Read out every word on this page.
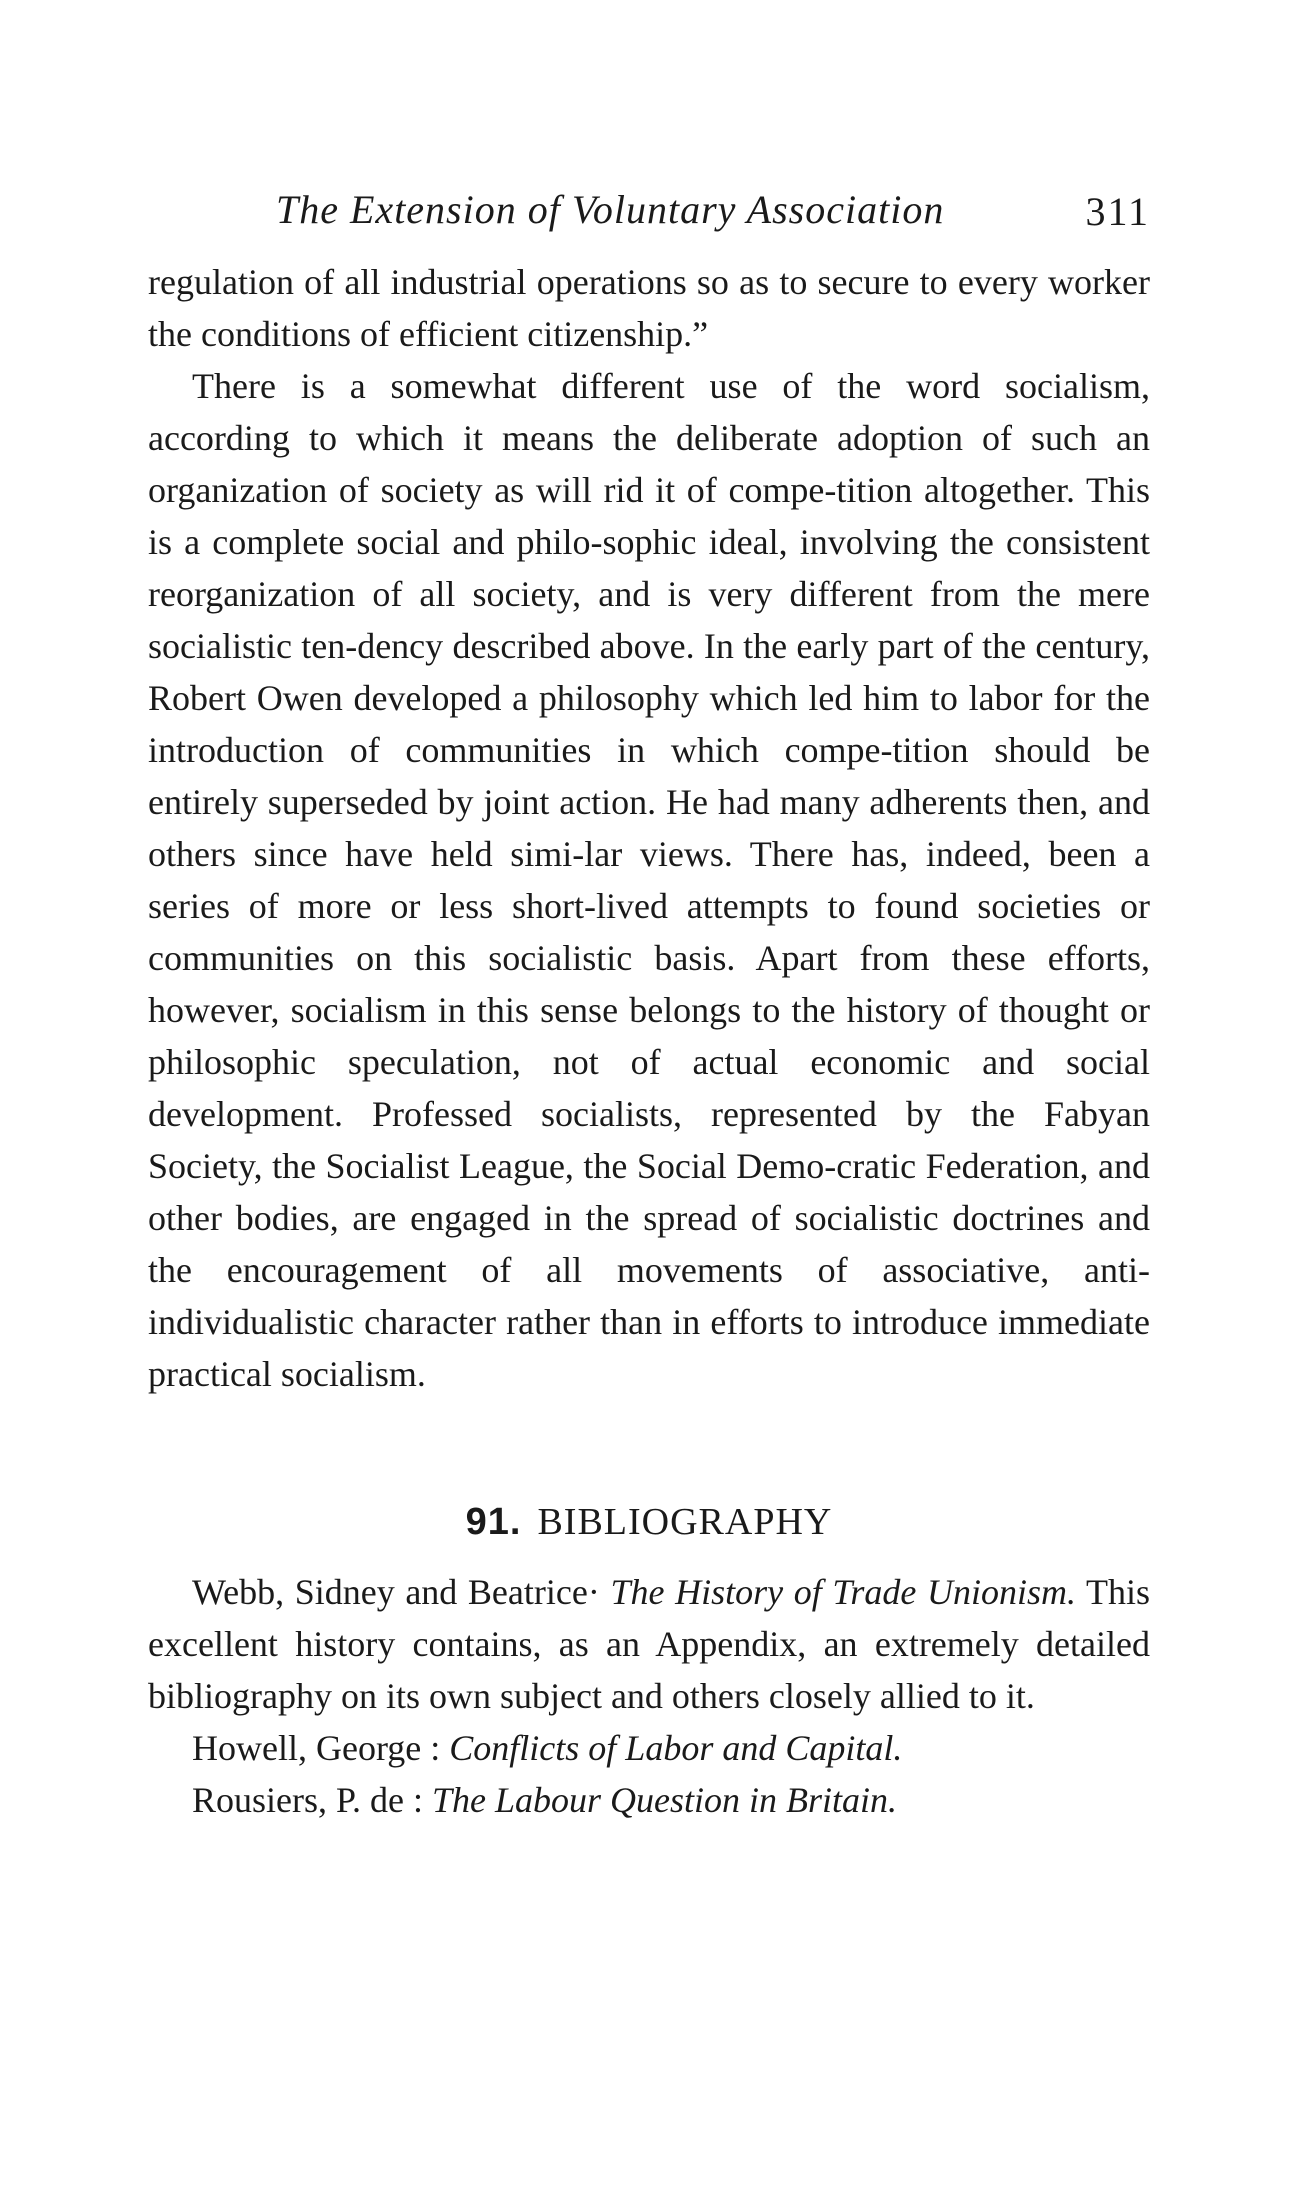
The Extension of Voluntary Association	311

regulation of all industrial operations so as to secure to every worker the conditions of efficient citizenship.”

There is a somewhat different use of the word socialism, according to which it means the deliberate adoption of such an organization of society as will rid it of compe-tition altogether. This is a complete social and philo-sophic ideal, involving the consistent reorganization of all society, and is very different from the mere socialistic ten-dency described above. In the early part of the century, Robert Owen developed a philosophy which led him to labor for the introduction of communities in which compe-tition should be entirely superseded by joint action. He had many adherents then, and others since have held simi-lar views. There has, indeed, been a series of more or less short-lived attempts to found societies or communities on this socialistic basis. Apart from these efforts, however, socialism in this sense belongs to the history of thought or philosophic speculation, not of actual economic and social development. Professed socialists, represented by the Fabyan Society, the Socialist League, the Social Demo-cratic Federation, and other bodies, are engaged in the spread of socialistic doctrines and the encouragement of all movements of associative, anti-individualistic character rather than in efforts to introduce immediate practical socialism.

91. BIBLIOGRAPHY

Webb, Sidney and Beatrice· The History of Trade Unionism. This excellent history contains, as an Appendix, an extremely detailed bibliography on its own subject and others closely allied to it.

Howell, George : Conflicts of Labor and Capital.

Rousiers, P. de : The Labour Question in Britain.
